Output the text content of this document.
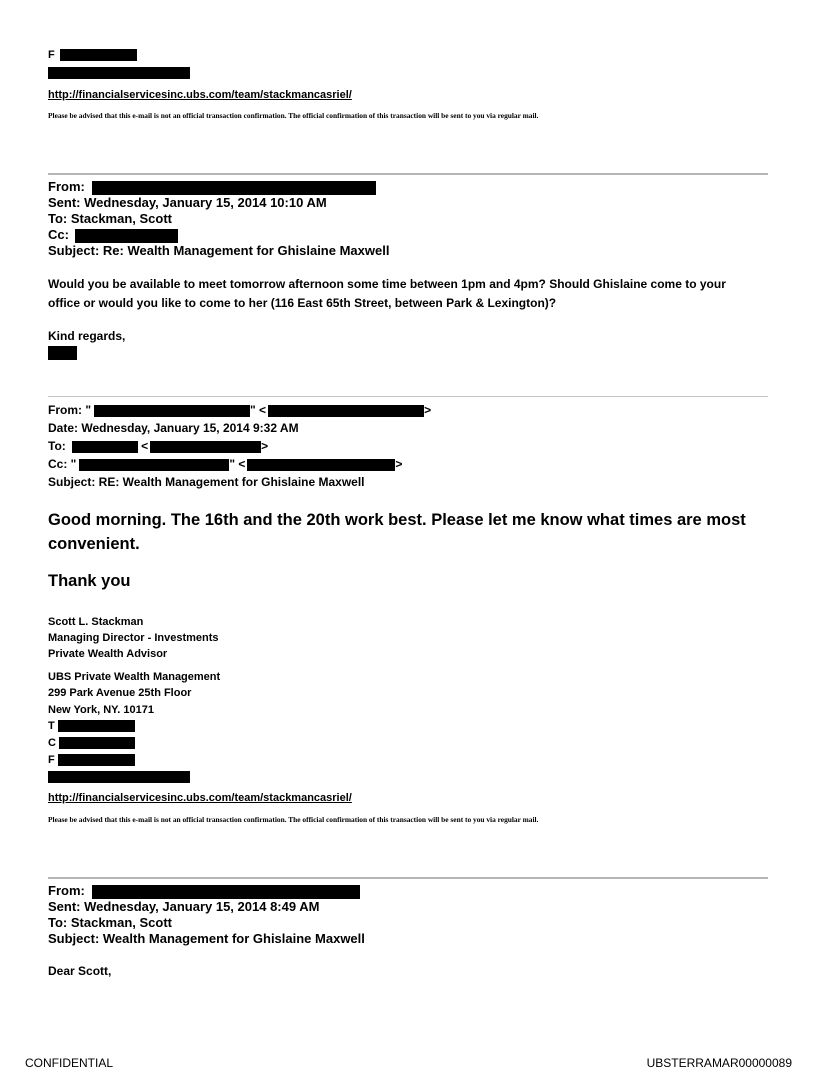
F
http://financialservicesinc.ubs.com/team/stackmancasriel/
Please be advised that this e-mail is not an official transaction confirmation. The official confirmation of this transaction will be sent to you via regular mail.
From:
Sent: Wednesday, January 15, 2014 10:10 AM
To: Stackman, Scott
Cc:
Subject: Re: Wealth Management for Ghislaine Maxwell
Would you be available to meet tomorrow afternoon some time between 1pm and 4pm? Should Ghislaine come to your
office or would you like to come to her (116 East 65th Street, between Park & Lexington)?
Kind regards,
From: "	" <	>
Date: Wednesday, January 15, 2014 9:32 AM
To:	<	>
Cc: "	" <	>
Subject: RE: Wealth Management for Ghislaine Maxwell
Good morning. The 16th and the 20th work best. Please let me know what times are most
convenient.
Thank you
Scott L. Stackman
Managing Director - Investments
Private Wealth Advisor
UBS Private Wealth Management
299 Park Avenue 25th Floor
New York, NY. 10171
T
C
F
http://financialservicesinc.ubs.com/team/stackmancasriel/
Please be advised that this e-mail is not an official transaction confirmation. The official confirmation of this transaction will be sent to you via regular mail.
From:
Sent: Wednesday, January 15, 2014 8:49 AM
To: Stackman, Scott
Subject: Wealth Management for Ghislaine Maxwell
Dear Scott,
CONFIDENTIAL	UBSTERRAMAR00000089
